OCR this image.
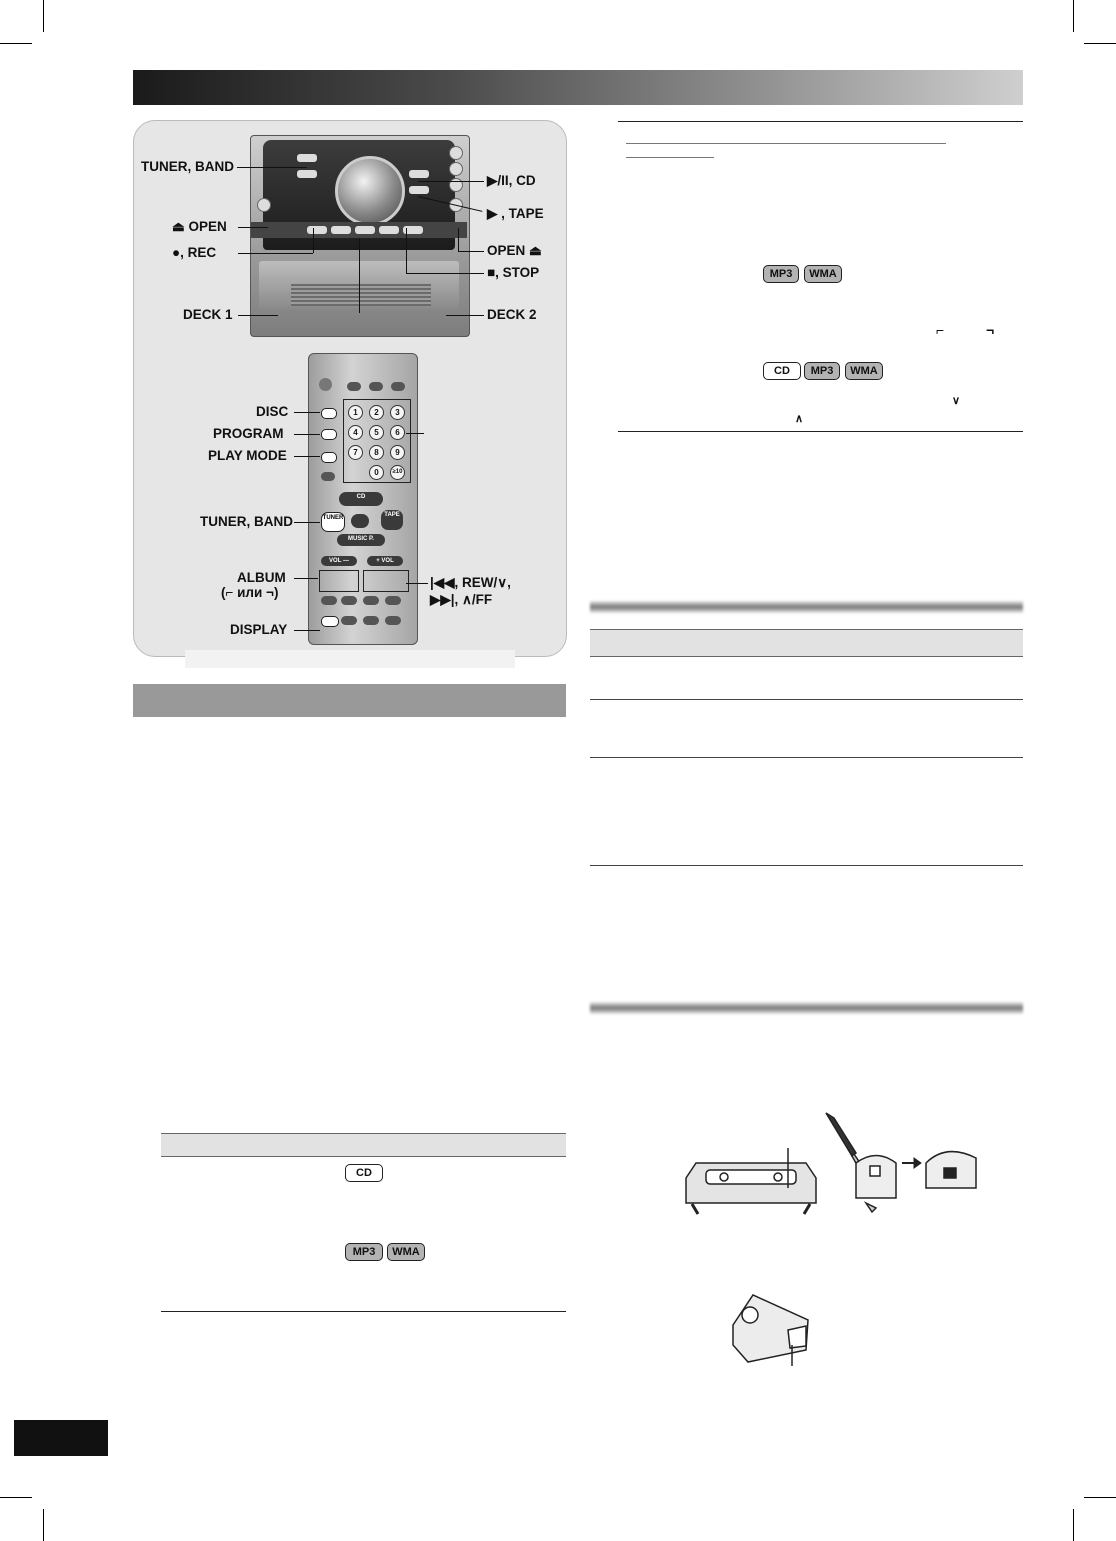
TUNER, BAND
⏏ OPEN
●, REC
DECK 1
▶/II, CD
▶ , TAPE
OPEN ⏏
■, STOP
DECK 2
1	2	3
4	5	6
7	8	9
0	≥10
CD
TUNER	TAPE
MUSIC P.
VOL —	+ VOL
DISC
PROGRAM
PLAY MODE
TUNER, BAND
ALBUM
(⌐ или ¬)
DISPLAY
|◀◀, REW/∨,
▶▶|, ∧/FF
CD
MP3	WMA
MP3	WMA
⌐	¬
CD	MP3	WMA
∨
∧
